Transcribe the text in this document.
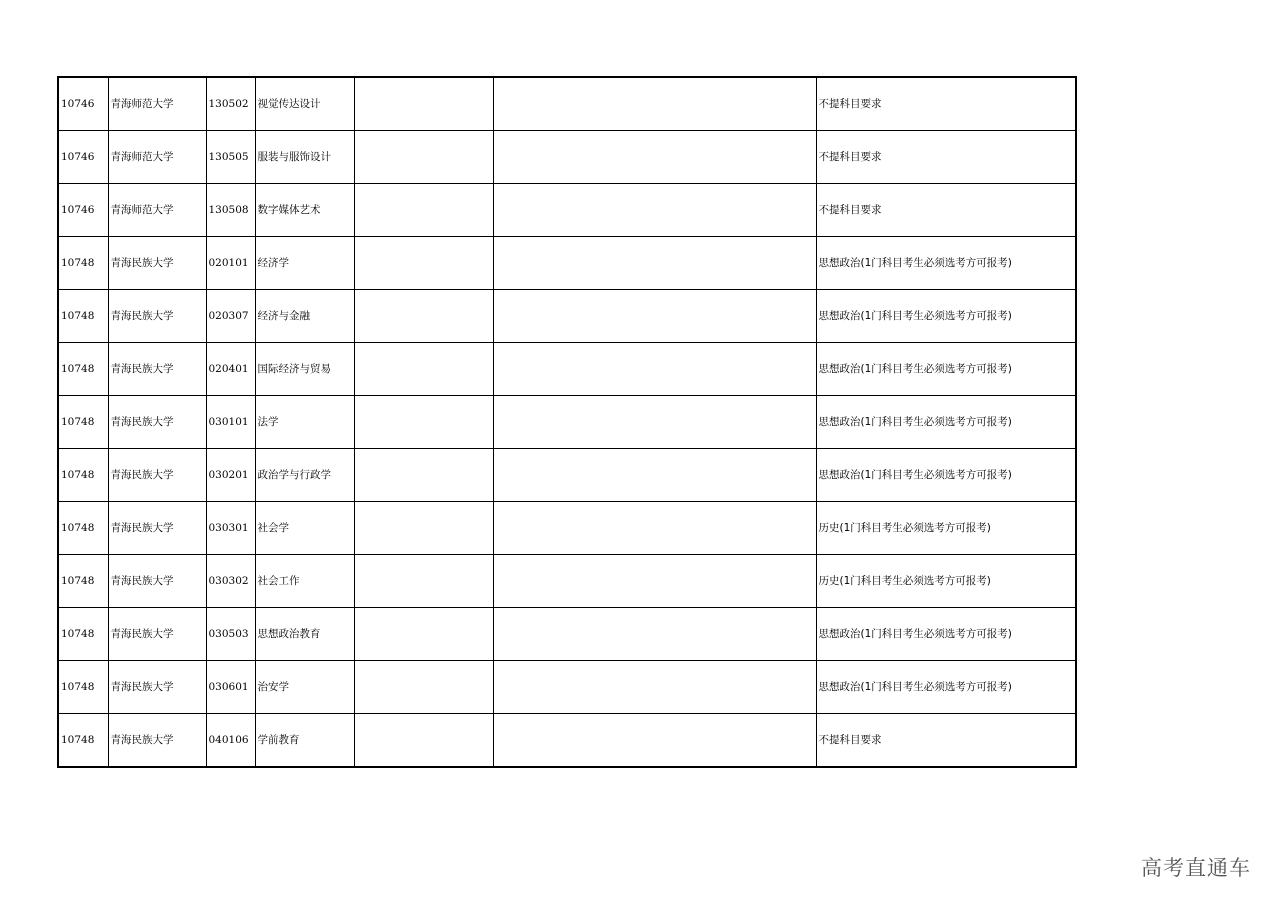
10746	青海师范大学	130502	视觉传达设计			不提科目要求
10746	青海师范大学	130505	服装与服饰设计			不提科目要求
10746	青海师范大学	130508	数字媒体艺术			不提科目要求
10748	青海民族大学	020101	经济学			思想政治(1门科目考生必须选考方可报考)
10748	青海民族大学	020307	经济与金融			思想政治(1门科目考生必须选考方可报考)
10748	青海民族大学	020401	国际经济与贸易			思想政治(1门科目考生必须选考方可报考)
10748	青海民族大学	030101	法学			思想政治(1门科目考生必须选考方可报考)
10748	青海民族大学	030201	政治学与行政学			思想政治(1门科目考生必须选考方可报考)
10748	青海民族大学	030301	社会学			历史(1门科目考生必须选考方可报考)
10748	青海民族大学	030302	社会工作			历史(1门科目考生必须选考方可报考)
10748	青海民族大学	030503	思想政治教育			思想政治(1门科目考生必须选考方可报考)
10748	青海民族大学	030601	治安学			思想政治(1门科目考生必须选考方可报考)
10748	青海民族大学	040106	学前教育			不提科目要求
高考直通车
